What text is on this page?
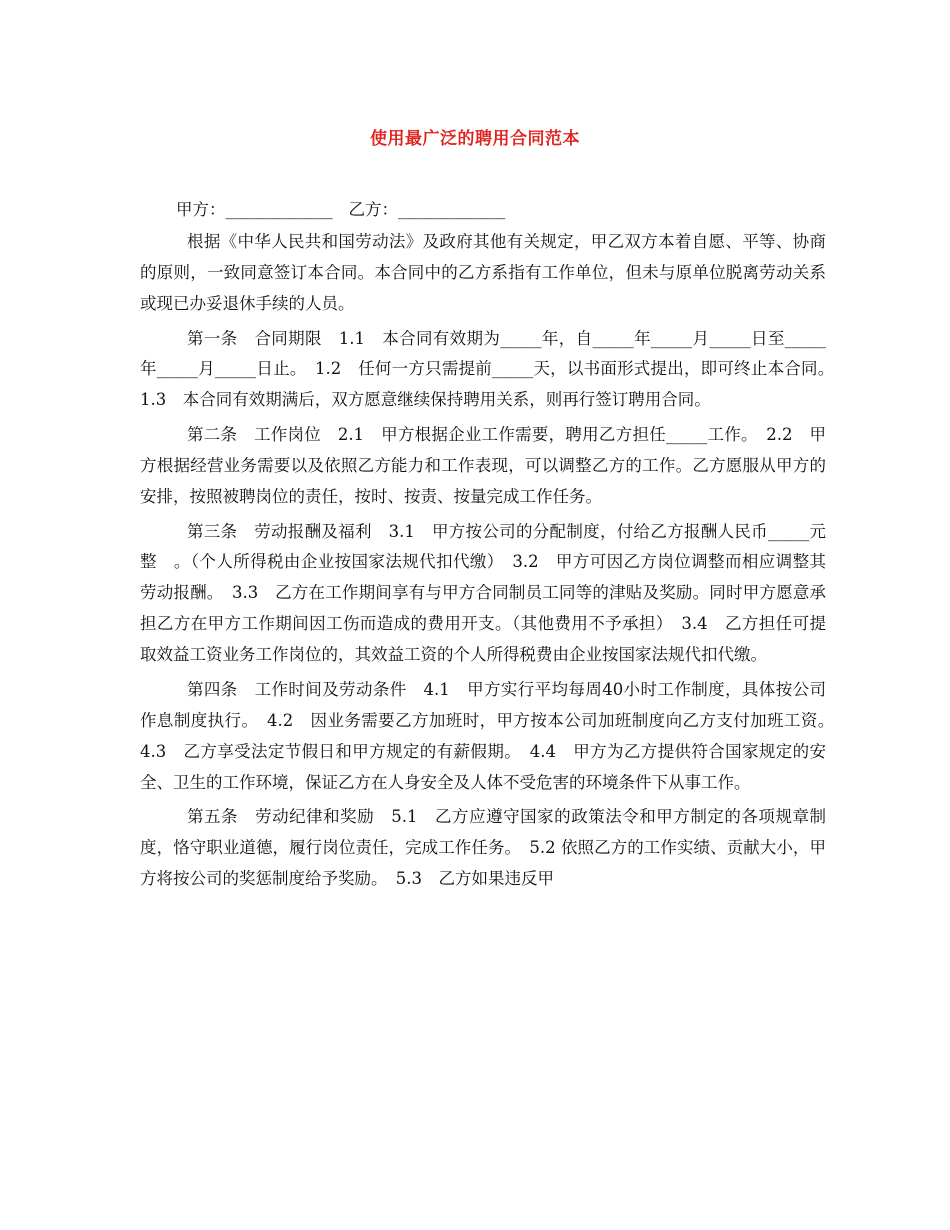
使用最广泛的聘用合同范本
甲方：_____________   乙方：_____________

根据《中华人民共和国劳动法》及政府其他有关规定，甲乙双方本着自愿、平等、协商的原则，一致同意签订本合同。本合同中的乙方系指有工作单位，但未与原单位脱离劳动关系或现已办妥退休手续的人员。

第一条　合同期限　1.1　本合同有效期为_____年，自_____年_____月_____日至_____年_____月_____日止。　1.2　任何一方只需提前_____天，以书面形式提出，即可终止本合同。　1.3　本合同有效期满后，双方愿意继续保持聘用关系，则再行签订聘用合同。

第二条　工作岗位　2.1　甲方根据企业工作需要，聘用乙方担任_____工作。　2.2　甲方根据经营业务需要以及依照乙方能力和工作表现，可以调整乙方的工作。乙方愿服从甲方的安排，按照被聘岗位的责任，按时、按责、按量完成工作任务。

第三条　劳动报酬及福利　3.1　甲方按公司的分配制度，付给乙方报酬人民币_____元整　。（个人所得税由企业按国家法规代扣代缴）　3.2　甲方可因乙方岗位调整而相应调整其劳动报酬。　3.3　乙方在工作期间享有与甲方合同制员工同等的津贴及奖励。同时甲方愿意承担乙方在甲方工作期间因工伤而造成的费用开支。（其他费用不予承担）　3.4　乙方担任可提取效益工资业务工作岗位的，其效益工资的个人所得税费由企业按国家法规代扣代缴。

第四条　工作时间及劳动条件　4.1　甲方实行平均每周40小时工作制度，具体按公司作息制度执行。　4.2　因业务需要乙方加班时，甲方按本公司加班制度向乙方支付加班工资。　4.3　乙方享受法定节假日和甲方规定的有薪假期。　4.4　甲方为乙方提供符合国家规定的安全、卫生的工作环境，保证乙方在人身安全及人体不受危害的环境条件下从事工作。

第五条　劳动纪律和奖励　5.1　乙方应遵守国家的政策法令和甲方制定的各项规章制度，恪守职业道德，履行岗位责任，完成工作任务。　5.2 依照乙方的工作实绩、贡献大小，甲方将按公司的奖惩制度给予奖励。　5.3　乙方如果违反甲
